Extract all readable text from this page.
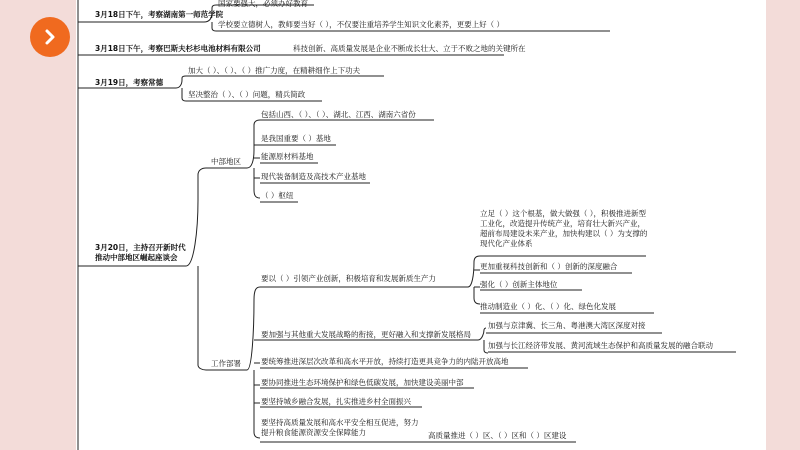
3月18日下午，考察湖南第一师范学院
国家要强大，必须办好教育
学校要立德树人，教师要当好（ ），不仅要注重培养学生知识文化素养，更要上好（ ）
3月18日下午，考察巴斯夫杉杉电池材料有限公司	科技创新、高质量发展是企业不断成长壮大、立于不败之地的关键所在
3月19日，考察常德
加大（ ）、（ ）、（ ）推广力度，在精耕细作上下功夫
坚决整治（ ）、（ ）问题，精兵简政
3月20日，主持召开新时代推动中部地区崛起座谈会
中部地区
包括山西、（ ）、（ ）、湖北、江西、湖南六省份
是我国重要（ ）基地
能源原材料基地
现代装备制造及高技术产业基地
（ ）枢纽
工作部署
要以（ ）引领产业创新，积极培育和发展新质生产力
立足（ ）这个根基，做大做强（ ），积极推进新型工业化，改造提升传统产业，培育壮大新兴产业，超前布局建设未来产业，加快构建以（ ）为支撑的现代化产业体系
更加重视科技创新和（ ）创新的深度融合
强化（ ）创新主体地位
推动制造业（ ）化、（ ）化、绿色化发展
要加强与其他重大发展战略的衔接，更好融入和支撑新发展格局
加强与京津冀、长三角、粤港澳大湾区深度对接
加强与长江经济带发展、黄河流域生态保护和高质量发展的融合联动
要统筹推进深层次改革和高水平开放，持续打造更具竞争力的内陆开放高地
要协同推进生态环境保护和绿色低碳发展，加快建设美丽中部
要坚持城乡融合发展，扎实推进乡村全面振兴
要坚持高质量发展和高水平安全相互促进，努力提升粮食能源资源安全保障能力	高质量推进（ ）区、（ ）区和（ ）区建设
